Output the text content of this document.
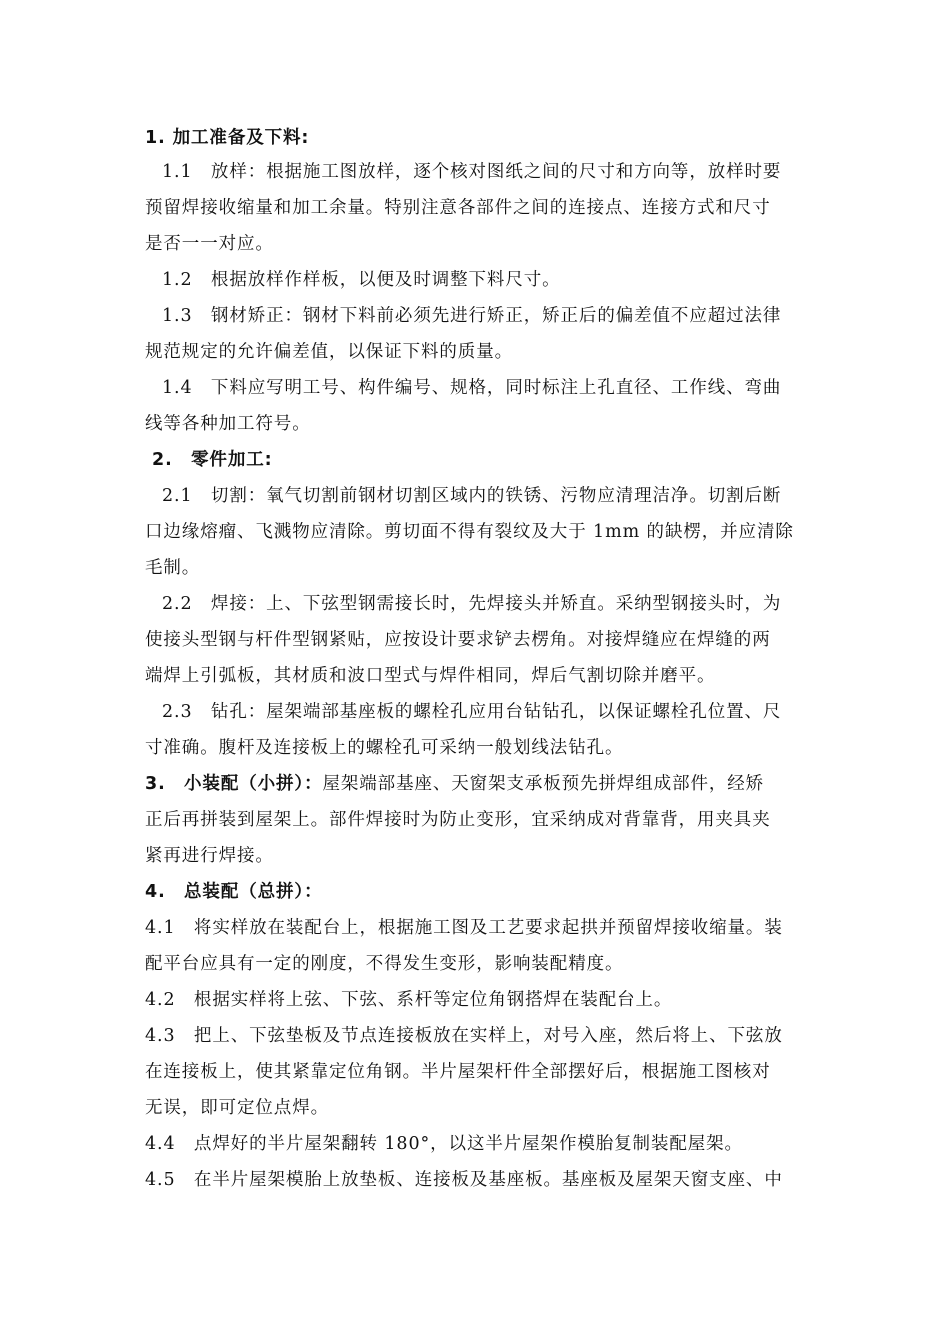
1. 加工准备及下料:
1.1　放样：根据施工图放样，逐个核对图纸之间的尺寸和方向等，放样时要
预留焊接收缩量和加工余量。特别注意各部件之间的连接点、连接方式和尺寸
是否一一对应。
1.2　根据放样作样板，以便及时调整下料尺寸。
1.3　钢材矫正：钢材下料前必须先进行矫正，矫正后的偏差值不应超过法律
规范规定的允许偏差值，以保证下料的质量。
1.4　下料应写明工号、构件编号、规格，同时标注上孔直径、工作线、弯曲
线等各种加工符号。
2.　零件加工:
2.1　切割：氧气切割前钢材切割区域内的铁锈、污物应清理洁净。切割后断
口边缘熔瘤、飞溅物应清除。剪切面不得有裂纹及大于 1mm 的缺楞，并应清除
毛制。
2.2　焊接：上、下弦型钢需接长时，先焊接头并矫直。采纳型钢接头时，为
使接头型钢与杆件型钢紧贴，应按设计要求铲去楞角。对接焊缝应在焊缝的两
端焊上引弧板，其材质和波口型式与焊件相同，焊后气割切除并磨平。
2.3　钻孔：屋架端部基座板的螺栓孔应用台钻钻孔，以保证螺栓孔位置、尺
寸准确。腹杆及连接板上的螺栓孔可采纳一般划线法钻孔。
3.　小装配（小拼）：屋架端部基座、天窗架支承板预先拼焊组成部件，经矫
正后再拼装到屋架上。部件焊接时为防止变形，宜采纳成对背靠背，用夹具夹
紧再进行焊接。
4.　总装配（总拼）：
4.1　将实样放在装配台上，根据施工图及工艺要求起拱并预留焊接收缩量。装
配平台应具有一定的刚度，不得发生变形，影响装配精度。
4.2　根据实样将上弦、下弦、系杆等定位角钢搭焊在装配台上。
4.3　把上、下弦垫板及节点连接板放在实样上，对号入座，然后将上、下弦放
在连接板上，使其紧靠定位角钢。半片屋架杆件全部摆好后，根据施工图核对
无误，即可定位点焊。
4.4　点焊好的半片屋架翻转 180°，以这半片屋架作模胎复制装配屋架。
4.5　在半片屋架模胎上放垫板、连接板及基座板。基座板及屋架天窗支座、中
